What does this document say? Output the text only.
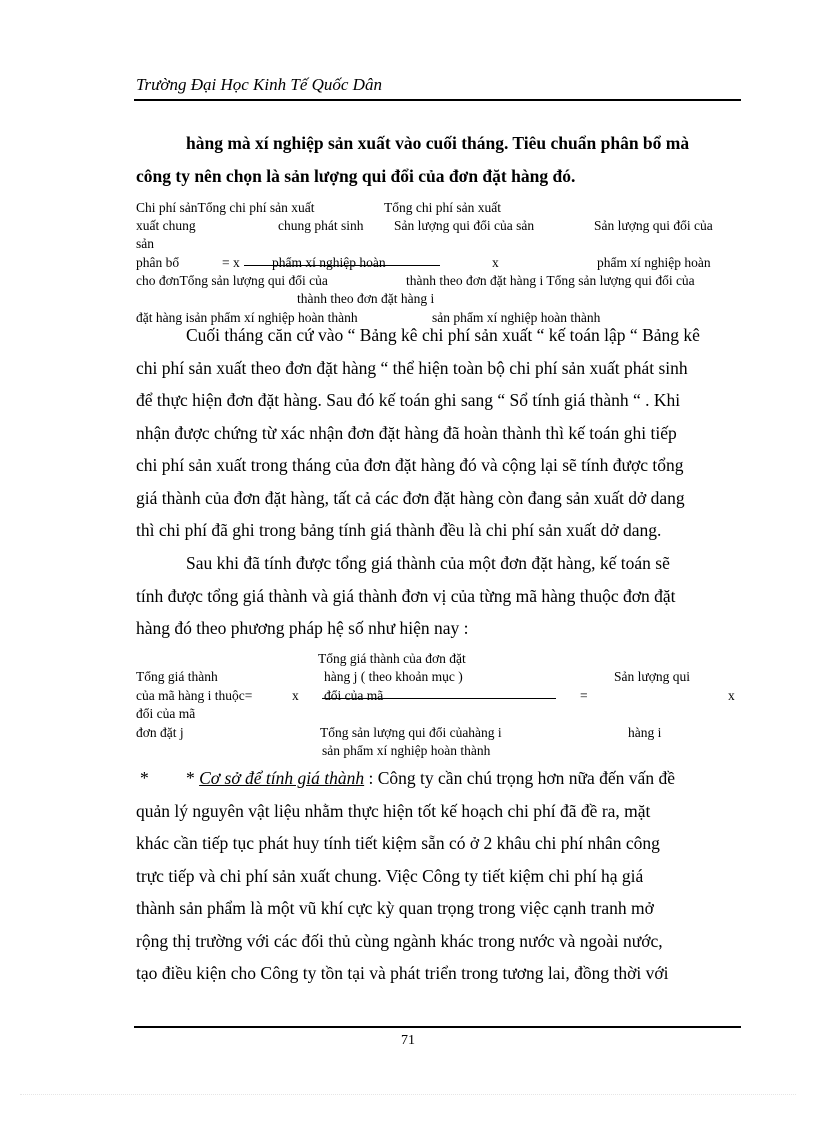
Trường Đại Học Kinh Tế Quốc Dân

hàng mà xí nghiệp sản xuất vào cuối tháng. Tiêu chuẩn phân bổ mà

công ty nên chọn là sản lượng qui đổi của đơn đặt hàng đó.

Chi phí sảnTổng chi phí sản xuất	Tổng chi phí sản xuất
xuất chung	chung phát sinh Sản lượng qui đổi của sản	Sản lượng qui đổi của
sản
phân bổ	= x phẩm xí nghiệp hoàn	x	phẩm xí nghiệp hoàn
cho đơnTổng sản lượng qui đổi của	thành theo đơn đặt hàng i Tổng sản lượng qui đổi của
thành theo đơn đặt hàng i
đặt hàng isản phẩm xí nghiệp hoàn thành	sản phẩm xí nghiệp hoàn thành

Cuối tháng căn cứ vào “ Bảng kê chi phí sản xuất “ kế toán lập “ Bảng kê

chi phí sản xuất theo đơn đặt hàng “ thể hiện toàn bộ chi phí sản xuất phát sinh

để thực hiện đơn đặt hàng. Sau đó kế toán ghi sang “ Sổ tính giá thành “ . Khi

nhận được chứng từ xác nhận đơn đặt hàng đã hoàn thành thì kế toán ghi tiếp

chi phí sản xuất trong tháng của đơn đặt hàng đó và cộng lại sẽ tính được tổng

giá thành của đơn đặt hàng, tất cả các đơn đặt hàng còn đang sản xuất dở dang

thì chi phí đã ghi trong bảng tính giá thành đều là chi phí sản xuất dở dang.

Sau khi đã tính được tổng giá thành của một đơn đặt hàng, kế toán sẽ

tính được tổng giá thành và giá thành đơn vị của từng mã hàng thuộc đơn đặt

hàng đó theo phương pháp hệ số như hiện nay :

Tổng giá thành của đơn đặt
Tổng giá thành	hàng j ( theo khoản mục )	Sản lượng qui
của mã hàng i thuộc=	x đổi của mã	=	x
đổi của mã
đơn đặt j	Tổng sản lượng qui đổi củahàng i	hàng i
sản phẩm xí nghiệp hoàn thành

* * Cơ sở để tính giá thành : Công ty cần chú trọng hơn nữa đến vấn đề

quản lý nguyên vật liệu nhằm thực hiện tốt kế hoạch chi phí đã đề ra, mặt

khác cần tiếp tục phát huy tính tiết kiệm sẵn có ở 2 khâu chi phí nhân công

trực tiếp và chi phí sản xuất chung. Việc Công ty tiết kiệm chi phí hạ giá

thành sản phẩm là một vũ khí cực kỳ quan trọng trong việc cạnh tranh mở

rộng thị trường với các đối thủ cùng ngành khác trong nước và ngoài nước,

tạo điều kiện cho Công ty tồn tại và phát triển trong tương lai, đồng thời với

71
